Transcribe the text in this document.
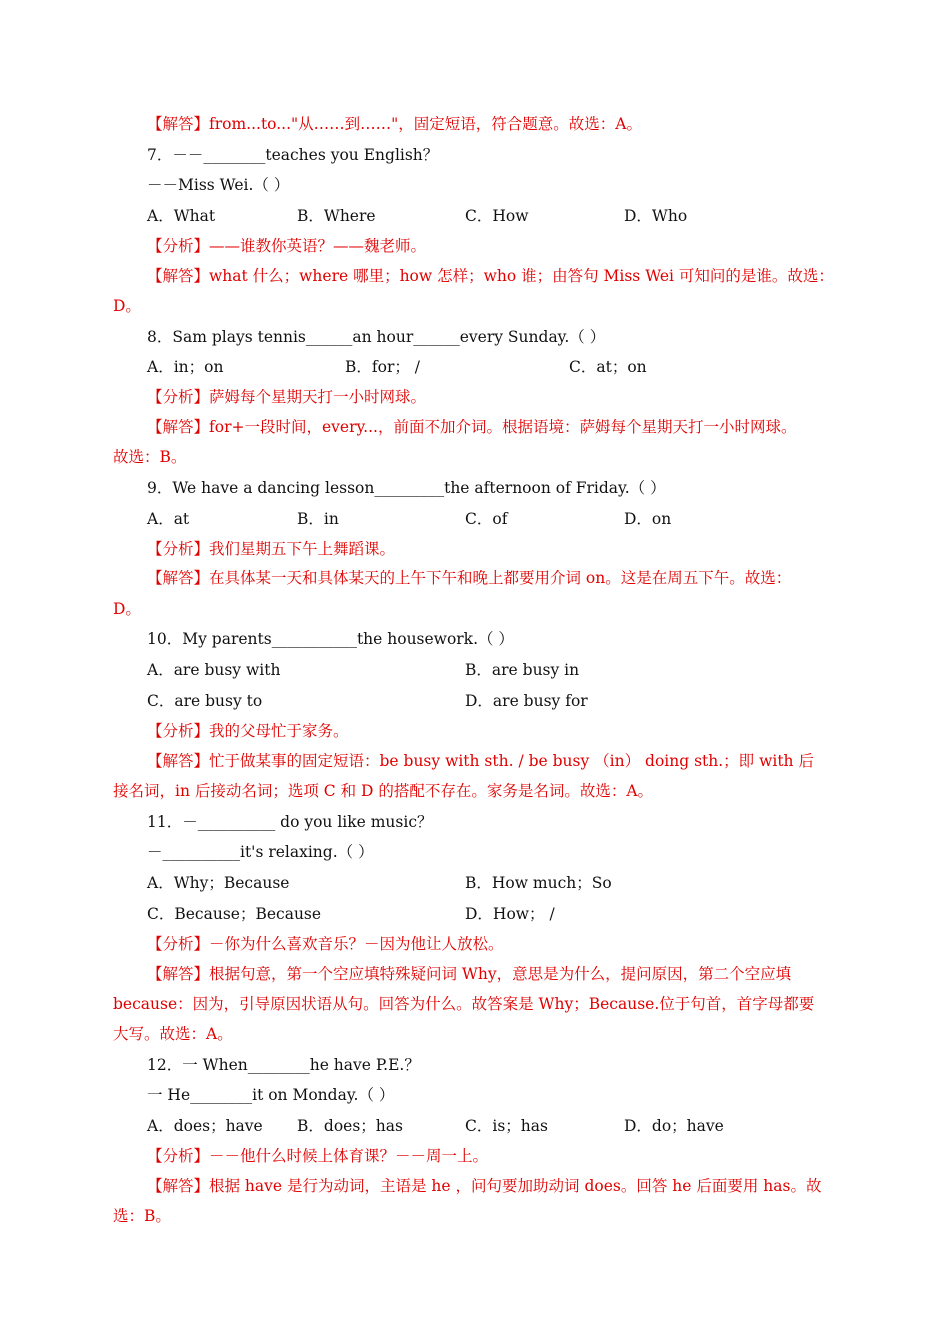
【解答】from...to..."从……到……"，固定短语，符合题意。故选：A。
7．－－________teaches you English？
－－Miss Wei.（ ）
A．What	B．Where	C．How	D．Who
【分析】——谁教你英语？——魏老师。
【解答】what 什么；where 哪里；how 怎样；who 谁；由答句 Miss Wei 可知问的是谁。故选：
D。
8．Sam plays tennis______an hour______every Sunday.（ ）
A．in；on	B．for； /	C．at；on
【分析】萨姆每个星期天打一小时网球。
【解答】for+一段时间，every...，前面不加介词。根据语境：萨姆每个星期天打一小时网球。
故选：B。
9．We have a dancing lesson_________the afternoon of Friday.（ ）
A．at	B．in	C．of	D．on
【分析】我们星期五下午上舞蹈课。
【解答】在具体某一天和具体某天的上午下午和晚上都要用介词 on。这是在周五下午。故选：
D。
10．My parents___________the housework.（ ）
A．are busy with	B．are busy in
C．are busy to	D．are busy for
【分析】我的父母忙于家务。
【解答】忙于做某事的固定短语：be busy with sth. / be busy （in） doing sth.；即 with 后
接名词，in 后接动名词；选项 C 和 D 的搭配不存在。家务是名词。故选：A。
11．－__________ do you like music？
－__________it's relaxing.（ ）
A．Why；Because	B．How much；So
C．Because；Because	D．How； /
【分析】－你为什么喜欢音乐？－因为他让人放松。
【解答】根据句意，第一个空应填特殊疑问词 Why，意思是为什么，提问原因，第二个空应填
because：因为，引导原因状语从句。回答为什么。故答案是 Why；Because.位于句首，首字母都要
大写。故选：A。
12．一 When________he have P.E.？
一 He________it on Monday.（ ）
A．does；have B．does；has	C．is；has	D．do；have
【分析】－－他什么时候上体育课？－－周一上。
【解答】根据 have 是行为动词，主语是 he ，问句要加助动词 does。回答 he 后面要用 has。故
选：B。
